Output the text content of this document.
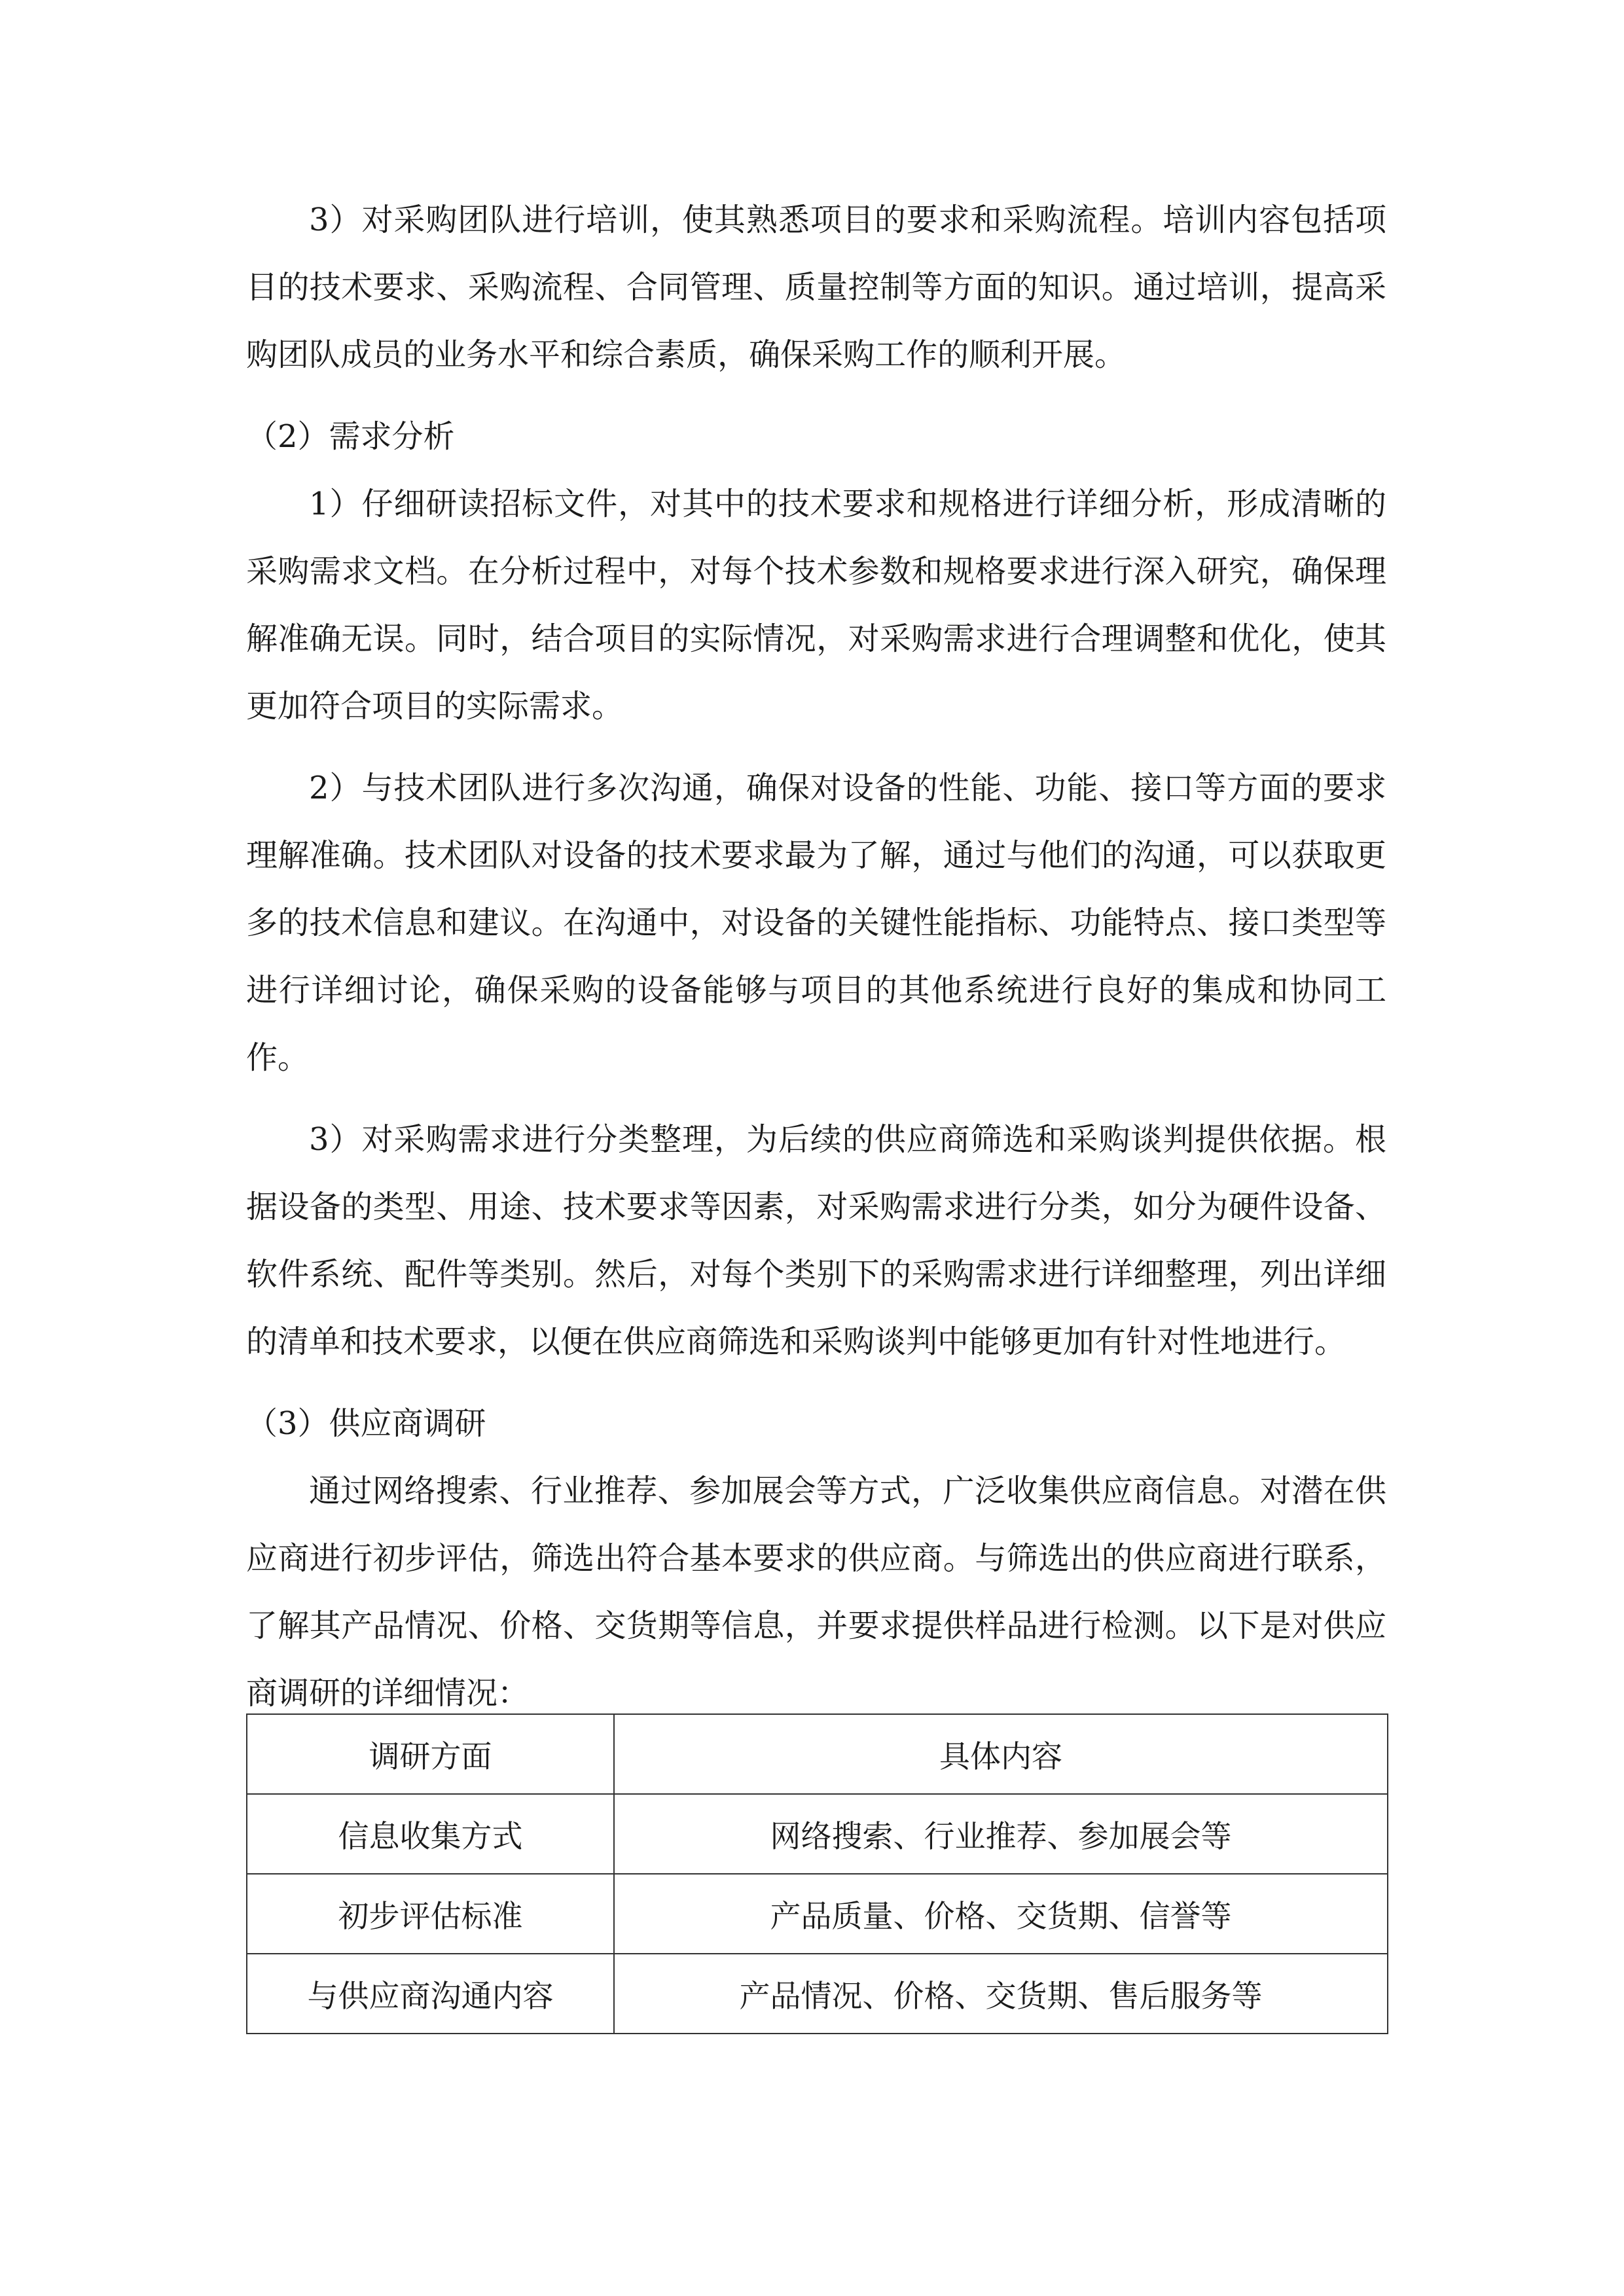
3）对采购团队进行培训，使其熟悉项目的要求和采购流程。培训内容包括项目的技术要求、采购流程、合同管理、质量控制等方面的知识。通过培训，提高采购团队成员的业务水平和综合素质，确保采购工作的顺利开展。

（2）需求分析

1）仔细研读招标文件，对其中的技术要求和规格进行详细分析，形成清晰的采购需求文档。在分析过程中，对每个技术参数和规格要求进行深入研究，确保理解准确无误。同时，结合项目的实际情况，对采购需求进行合理调整和优化，使其更加符合项目的实际需求。

2）与技术团队进行多次沟通，确保对设备的性能、功能、接口等方面的要求理解准确。技术团队对设备的技术要求最为了解，通过与他们的沟通，可以获取更多的技术信息和建议。在沟通中，对设备的关键性能指标、功能特点、接口类型等进行详细讨论，确保采购的设备能够与项目的其他系统进行良好的集成和协同工作。

3）对采购需求进行分类整理，为后续的供应商筛选和采购谈判提供依据。根据设备的类型、用途、技术要求等因素，对采购需求进行分类，如分为硬件设备、软件系统、配件等类别。然后，对每个类别下的采购需求进行详细整理，列出详细的清单和技术要求，以便在供应商筛选和采购谈判中能够更加有针对性地进行。

（3）供应商调研

通过网络搜索、行业推荐、参加展会等方式，广泛收集供应商信息。对潜在供应商进行初步评估，筛选出符合基本要求的供应商。与筛选出的供应商进行联系，了解其产品情况、价格、交货期等信息，并要求提供样品进行检测。以下是对供应商调研的详细情况：

调研方面	具体内容
信息收集方式	网络搜索、行业推荐、参加展会等
初步评估标准	产品质量、价格、交货期、信誉等
与供应商沟通内容	产品情况、价格、交货期、售后服务等
